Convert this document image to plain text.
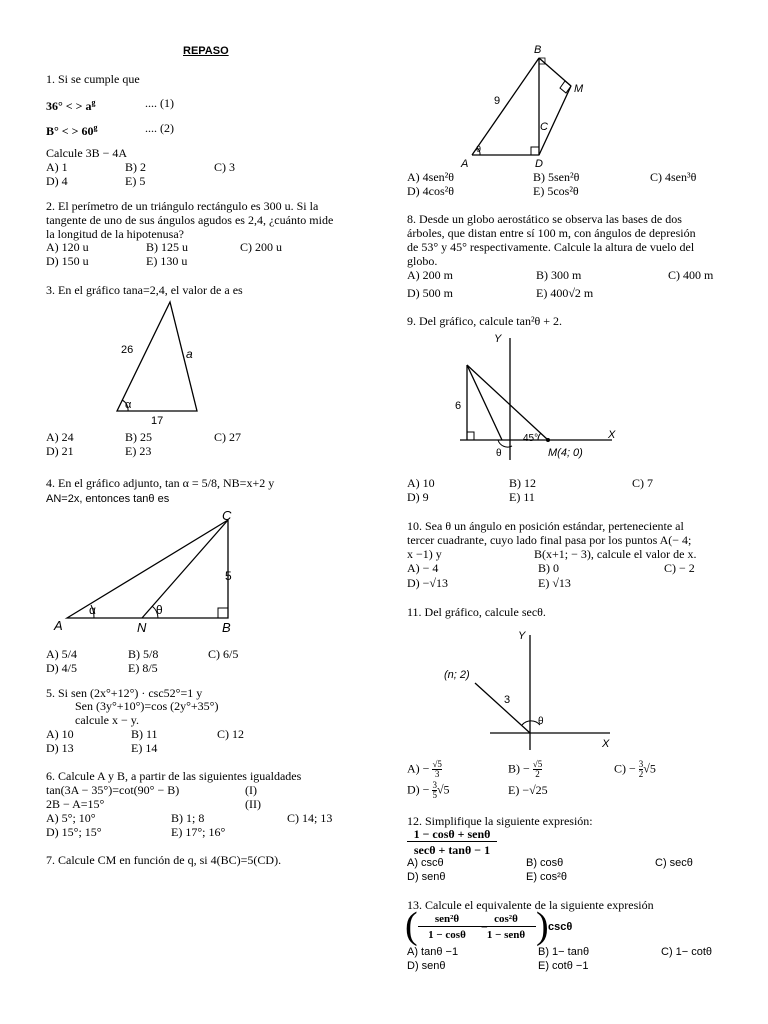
REPASO
1. Si se cumple que
36° < > $a^g$	.... (1)
B° < > $60^g$	.... (2)
Calcule 3B − 4A
A) 1	B) 2	C) 3
D) 4	E) 5
2. El perímetro de un triángulo rectángulo es 300 u. Si la
tangente de uno de sus ángulos agudos es 2,4, ¿cuánto mide
la longitud de la hipotenusa?
A) 120 u	B) 125 u	C) 200 u
D) 150 u	E) 130 u
3. En el gráfico tana=2,4, el valor de a es
26	a
17
α
A) 24	B) 25	C) 27
D) 21	E) 23
4. En el gráfico adjunto, tan α = 5/8, NB=x+2 y
AN=2x, entonces tanθ es
A	N	B
C
5
α	θ
A) 5/4	B) 5/8	C) 6/5
D) 4/5	E) 8/5
5. Si sen (2x°+12°) · csc52°=1 y
Sen (3y°+10°)=cos (2y°+35°)
calcule x − y.
A) 10	B) 11	C) 12
D) 13	E) 14
6. Calcule A y B, a partir de las siguientes igualdades
tan(3A − 35°)=cot(90° − B)	(I)
2B − A=15°	(II)
A) 5°; 10°	B) 1; 8	C) 14; 13
D) 15°; 15°	E) 17°; 16°
7. Calcule CM en función de q, si 4(BC)=5(CD).
B
M
C
A	D
9
θ
A) 4sen²θ	B) 5sen²θ	C) 4sen³θ
D) 4cos²θ	E) 5cos²θ
8. Desde un globo aerostático se observa las bases de dos
árboles, que distan entre sí 100 m, con ángulos de depresión
de 53° y 45° respectivamente. Calcule la altura de vuelo del
globo.
A) 200 m	B) 300 m	C) 400 m
D) 500 m	E) 400√2 m
9. Del gráfico, calcule tan²θ + 2.
Y
X
6
45°
θ	M(4; 0)
A) 10	B) 12	C) 7
D) 9	E) 11
10. Sea θ un ángulo en posición estándar, perteneciente al
tercer cuadrante, cuyo lado final pasa por los puntos A(− 4;
x −1) y	B(x+1; − 3), calcule el valor de x.
A) − 4	B) 0	C) − 2
D) −√13	E) √13
11. Del gráfico, calcule secθ.
Y
X
(n; 2)
3
θ
$A) - \frac{√5}{3}$	$B) - \frac{√5}{2}$	$C) - \frac{3}{2} √5$
$D) - \frac{3}{5} √5$	E) −√25
12. Simplifique la siguiente expresión:
1 − cosθ + senθ
secθ + tanθ − 1
A) cscθ	B) cosθ	C) secθ
D) senθ	E) cos²θ
13. Calcule el equivalente de la siguiente expresión
(	sen²θ
1 − cosθ
−
cos²θ
1 − senθ ) cscθ
A) tanθ −1	B) 1− tanθ	C) 1− cotθ
D) senθ	E) cotθ −1
